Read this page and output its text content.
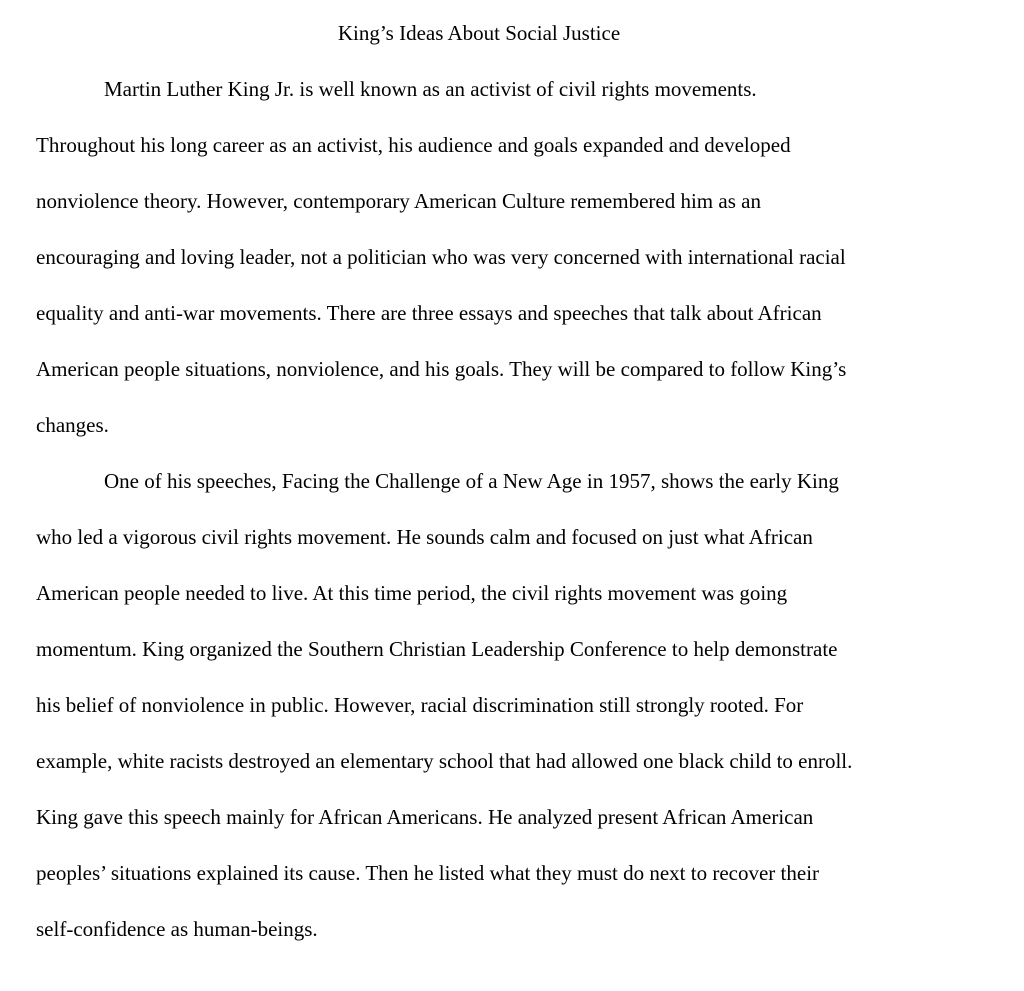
King’s Ideas About Social Justice
Martin Luther King Jr. is well known as an activist of civil rights movements.
Throughout his long career as an activist, his audience and goals expanded and developed
nonviolence theory. However, contemporary American Culture remembered him as an
encouraging and loving leader, not a politician who was very concerned with international racial
equality and anti-war movements. There are three essays and speeches that talk about African
American people situations, nonviolence, and his goals. They will be compared to follow King’s
changes.
One of his speeches, Facing the Challenge of a New Age in 1957, shows the early King
who led a vigorous civil rights movement. He sounds calm and focused on just what African
American people needed to live. At this time period, the civil rights movement was going
momentum. King organized the Southern Christian Leadership Conference to help demonstrate
his belief of nonviolence in public. However, racial discrimination still strongly rooted. For
example, white racists destroyed an elementary school that had allowed one black child to enroll.
King gave this speech mainly for African Americans. He analyzed present African American
peoples’ situations explained its cause. Then he listed what they must do next to recover their
self-confidence as human-beings.
